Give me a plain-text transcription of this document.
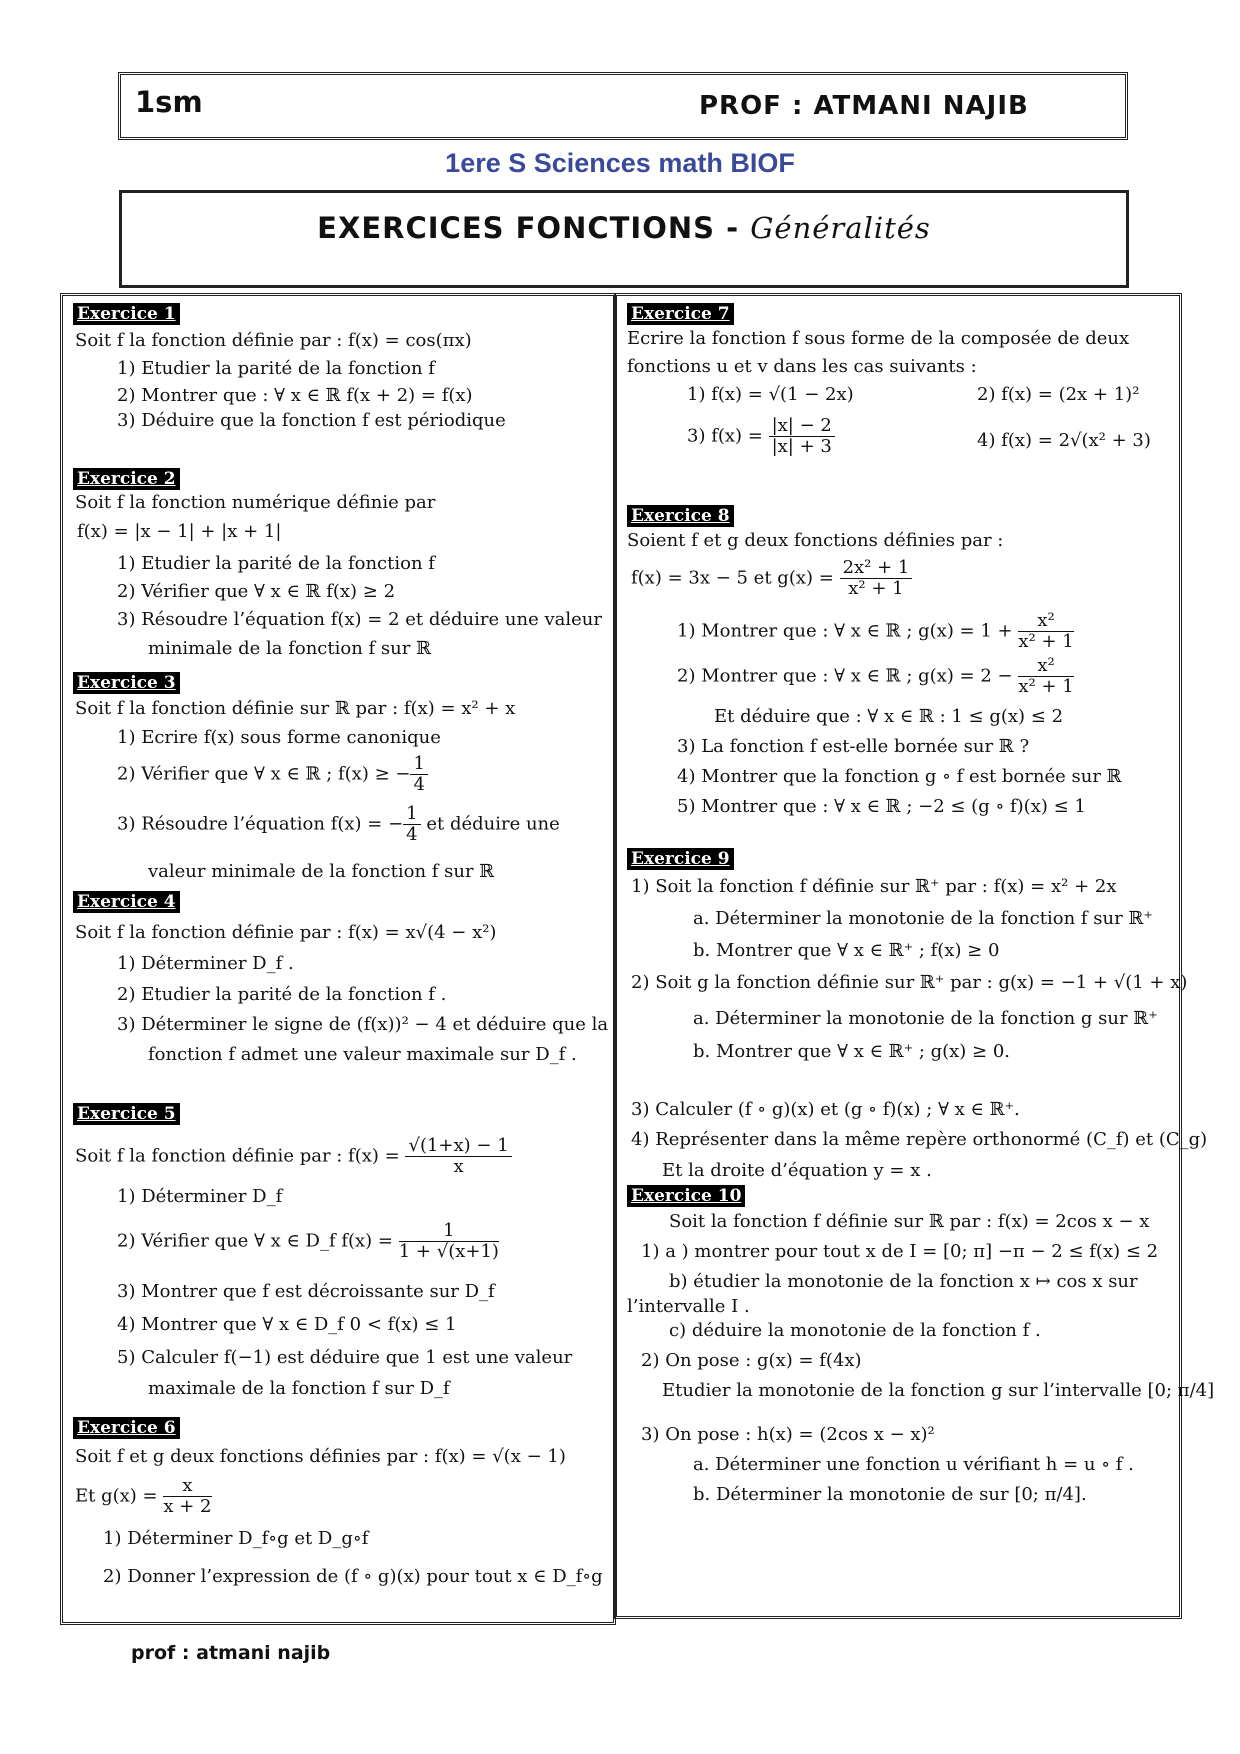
1sm	PROF : ATMANI NAJIB
1ere S Sciences math BIOF
EXERCICES FONCTIONS - Généralités
Exercice 1
Soit f la fonction définie par : f(x) = cos(πx)
1) Etudier la parité de la fonction f
2) Montrer que : ∀ x ∈ ℝ f(x + 2) = f(x)
3) Déduire que la fonction f est périodique
Exercice 2
Soit f la fonction numérique définie par
f(x) = |x − 1| + |x + 1|
1) Etudier la parité de la fonction f
2) Vérifier que ∀ x ∈ ℝ f(x) ≥ 2
3) Résoudre l’équation f(x) = 2 et déduire une valeur
minimale de la fonction f sur ℝ
Exercice 3
Soit f la fonction définie sur ℝ par : f(x) = x² + x
1) Ecrire f(x) sous forme canonique
2) Vérifier que ∀ x ∈ ℝ ; f(x) ≥ − $\frac{1}{4}$
3) Résoudre l’équation f(x) = − $\frac{1}{4}$ et déduire une
valeur minimale de la fonction f sur ℝ
Exercice 4
Soit f la fonction définie par : f(x) = x√(4 − x²)
1) Déterminer D_f .
2) Etudier la parité de la fonction f .
3) Déterminer le signe de (f(x))² − 4 et déduire que la
fonction f admet une valeur maximale sur D_f .
Exercice 5
Soit f la fonction définie par : $f(x) = \frac{√(1+x) - 1}{x}$
1) Déterminer D_f
2) Vérifier que ∀ x ∈ D_f $f(x) = \frac{1}{1 + √(x+1)}$
3) Montrer que f est décroissante sur D_f
4) Montrer que ∀ x ∈ D_f 0 < f(x) ≤ 1
5) Calculer f(−1) est déduire que 1 est une valeur
maximale de la fonction f sur D_f
Exercice 6
Soit f et g deux fonctions définies par : f(x) = √(x − 1)
Et $g(x) = \frac{x}{x + 2}$
1) Déterminer D_f∘g et D_g∘f
2) Donner l’expression de (f ∘ g)(x) pour tout x ∈ D_f∘g
Exercice 7
Ecrire la fonction f sous forme de la composée de deux
fonctions u et v dans les cas suivants :
1) f(x) = √(1 − 2x)	2) f(x) = (2x + 1)²
3) $f(x) = \frac{|x| - 2}{|x| + 3}$	4) f(x) = 2√(x² + 3)
Exercice 8
Soient f et g deux fonctions définies par :
f(x) = 3x − 5 et $g(x) = \frac{\text{2x² + 1}}{\text{x² + 1}}$
1) Montrer que : ∀ x ∈ ℝ ; $g(x) = 1 + \frac{\text{x²}}{\text{x² + 1}}$
2) Montrer que : ∀ x ∈ ℝ ; $g(x) = 2 - \frac{\text{x²}}{\text{x² + 1}}$
Et déduire que : ∀ x ∈ ℝ : 1 ≤ g(x) ≤ 2
3) La fonction f est-elle bornée sur ℝ ?
4) Montrer que la fonction g ∘ f est bornée sur ℝ
5) Montrer que : ∀ x ∈ ℝ ; −2 ≤ (g ∘ f)(x) ≤ 1
Exercice 9
1) Soit la fonction f définie sur ℝ⁺ par : f(x) = x² + 2x
a. Déterminer la monotonie de la fonction f sur ℝ⁺
b. Montrer que ∀ x ∈ ℝ⁺ ; f(x) ≥ 0
2) Soit g la fonction définie sur ℝ⁺ par : g(x) = −1 + √(1 + x)
a. Déterminer la monotonie de la fonction g sur ℝ⁺
b. Montrer que ∀ x ∈ ℝ⁺ ; g(x) ≥ 0.
3) Calculer (f ∘ g)(x) et (g ∘ f)(x) ; ∀ x ∈ ℝ⁺.
4) Représenter dans la même repère orthonormé (C_f) et (C_g)
Et la droite d’équation y = x .
Exercice 10
Soit la fonction f définie sur ℝ par : f(x) = 2cos x − x
1) a ) montrer pour tout x de I = [0; π] −π − 2 ≤ f(x) ≤ 2
b) étudier la monotonie de la fonction x ↦ cos x sur
l’intervalle I .
c) déduire la monotonie de la fonction f .
2) On pose : g(x) = f(4x)
Etudier la monotonie de la fonction g sur l’intervalle [0; π/4]
3) On pose : h(x) = (2cos x − x)²
a. Déterminer une fonction u vérifiant h = u ∘ f .
b. Déterminer la monotonie de sur [0; π/4].
prof : atmani najib
